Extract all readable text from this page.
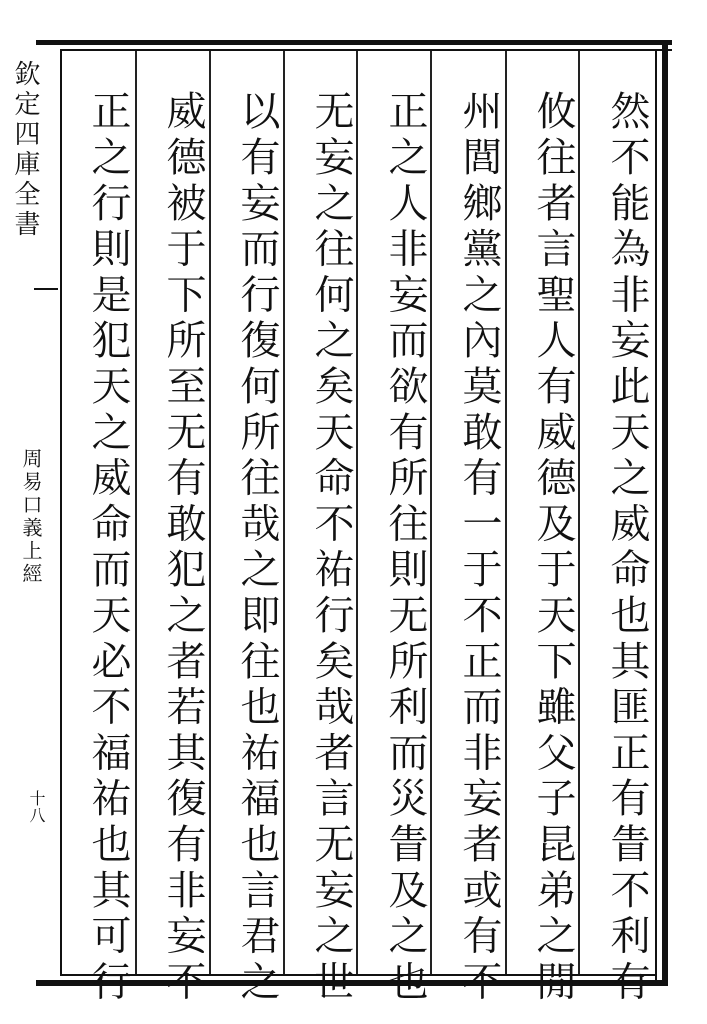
欽定四庫全書
周易口義上經
十八	然不能為非妄此天之威命也其匪正有眚不利有
攸往者言聖人有威德及于天下雖父子昆弟之閒
州閭鄉黨之內莫敢有一于不正而非妄者或有不
正之人非妄而欲有所往則无所利而災眚及之也
无妄之往何之矣天命不祐行矣哉者言无妄之世
以有妄而行復何所往哉之即往也祐福也言君之
威德被于下所至无有敢犯之者若其復有非妄不
正之行則是犯天之威命而天必不福祐也其可行
